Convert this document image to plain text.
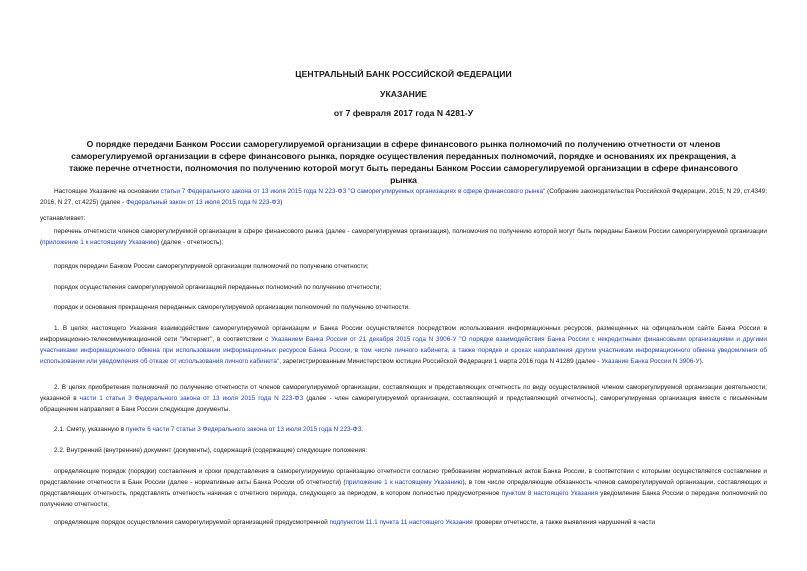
ЦЕНТРАЛЬНЫЙ БАНК РОССИЙСКОЙ ФЕДЕРАЦИИ
УКАЗАНИЕ
от 7 февраля 2017 года N 4281-У

О порядке передачи Банком России саморегулируемой организации в сфере финансового рынка полномочий по получению отчетности от членов саморегулируемой организации в сфере финансового рынка, порядке осуществления переданных полномочий, порядке и основаниях их прекращения, а также перечне отчетности, полномочия по получению которой могут быть переданы Банком России саморегулируемой организации в сфере финансового рынка

Настоящее Указание на основании статьи 7 Федерального закона от 13 июля 2015 года N 223-ФЗ "О саморегулируемых организациях в сфере финансового рынка" (Собрание законодательства Российской Федерации, 2015, N 29, ст.4349; 2016, N 27, ст.4225) (далее - Федеральный закон от 13 июля 2015 года N 223-ФЗ)

устанавливает:

перечень отчетности членов саморегулируемой организации в сфере финансового рынка (далее - саморегулируемая организация), полномочия по получению которой могут быть переданы Банком России саморегулируемой организации (приложение 1 к настоящему Указанию) (далее - отчетность);

порядок передачи Банком России саморегулируемой организации полномочий по получению отчетности;

порядок осуществления саморегулируемой организацией переданных полномочий по получению отчетности;

порядок и основания прекращения переданных саморегулируемой организации полномочий по получению отчетности.

1. В целях настоящего Указания взаимодействие саморегулируемой организации и Банка России осуществляется посредством использования информационных ресурсов, размещенных на официальном сайте Банка России в информационно-телекоммуникационной сети "Интернет", в соответствии с Указанием Банка России от 21 декабря 2015 года N 3906-У "О порядке взаимодействия Банка России с некредитными финансовыми организациями и другими участниками информационного обмена при использовании информационных ресурсов Банка России, в том числе личного кабинета, а также порядке и сроках направления другим участникам информационного обмена уведомления об использовании или уведомления об отказе от использования личного кабинета", зарегистрированным Министерством юстиции Российской Федерации 1 марта 2016 года N 41289 (далее - Указание Банка России N 3906-У).

2. В целях приобретения полномочий по получению отчетности от членов саморегулируемой организации, составляющих и представляющих отчетность по виду осуществляемой членом саморегулируемой организации деятельности, указанной в части 1 статьи 3 Федерального закона от 13 июля 2015 года N 223-ФЗ (далее - член саморегулируемой организации, составляющий и представляющий отчетность), саморегулируемая организация вместе с письменным обращением направляет в Банк России следующие документы.

2.1. Смету, указанную в пункте 6 части 7 статьи 3 Федерального закона от 13 июля 2015 года N 223-ФЗ.

2.2. Внутренний (внутренние) документ (документы), содержащий (содержащие) следующие положения:

определяющие порядок (порядки) составления и сроки представления в саморегулируемую организацию отчетности согласно требованиям нормативных актов Банка России, в соответствии с которыми осуществляется составление и представление отчетности в Банк России (далее - нормативные акты Банка России об отчетности) (приложение 1 к настоящему Указанию), в том числе определяющие обязанность членов саморегулируемой организации, составляющих и представляющих отчетность, представлять отчетность начиная с отчетного периода, следующего за периодом, в котором полностью предусмотренное пунктом 8 настоящего Указания уведомление Банка России о передаче полномочий по получению отчетности;

определяющие порядок осуществления саморегулируемой организацией предусмотренной подпунктом 11.1 пункта 11 настоящего Указания проверки отчетности, а также выявления нарушений в части
